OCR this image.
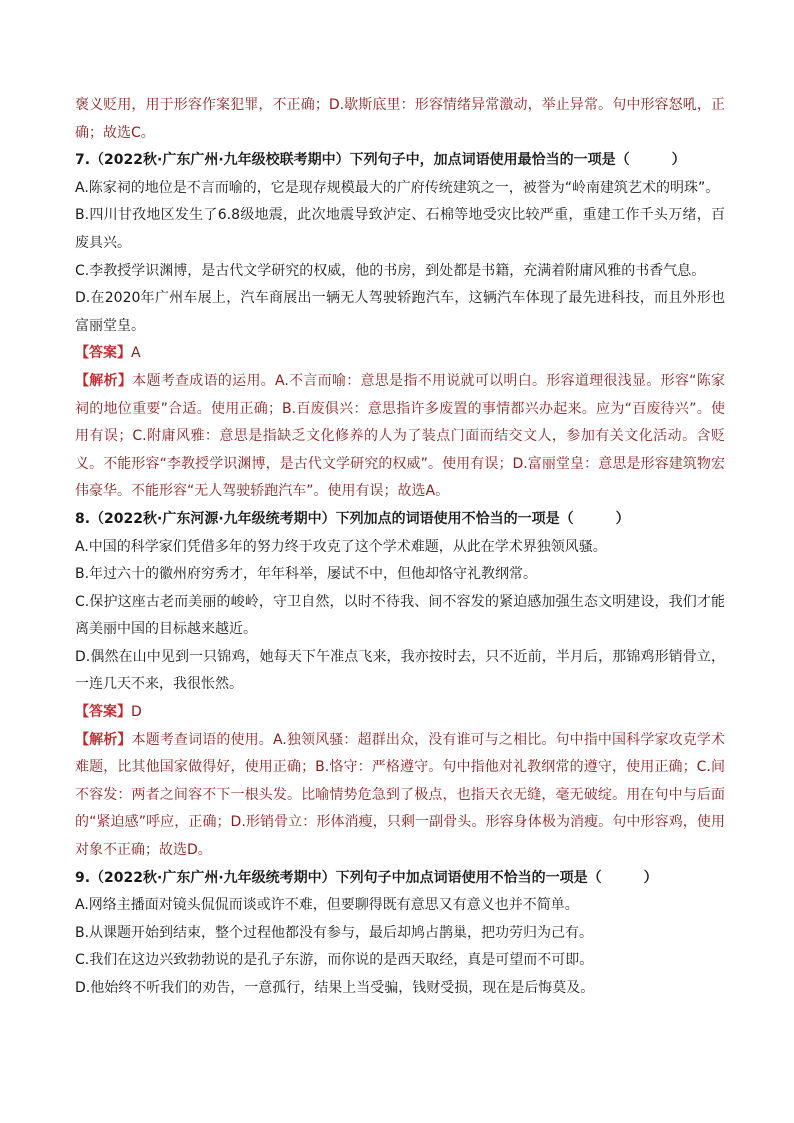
褒义贬用，用于形容作案犯罪，不正确；D.歇斯底里：形容情绪异常激动，举止异常。句中形容怒吼，正确；故选C。

7.（2022秋·广东广州·九年级校联考期中）下列句子中，加点词语使用最恰当的一项是（　　　）

A.陈家祠的地位是不言而喻的，它是现存规模最大的广府传统建筑之一，被誉为“岭南建筑艺术的明珠”。

B.四川甘孜地区发生了6.8级地震，此次地震导致泸定、石棉等地受灾比较严重，重建工作千头万绪，百废具兴。

C.李教授学识渊博，是古代文学研究的权威，他的书房，到处都是书籍，充满着附庸风雅的书香气息。

D.在2020年广州车展上，汽车商展出一辆无人驾驶轿跑汽车，这辆汽车体现了最先进科技，而且外形也富丽堂皇。

【答案】A

【解析】本题考查成语的运用。A.不言而喻：意思是指不用说就可以明白。形容道理很浅显。形容“陈家祠的地位重要”合适。使用正确；B.百废俱兴：意思指许多废置的事情都兴办起来。应为“百废待兴”。使用有误；C.附庸风雅：意思是指缺乏文化修养的人为了装点门面而结交文人，参加有关文化活动。含贬义。不能形容“李教授学识渊博，是古代文学研究的权威”。使用有误；D.富丽堂皇：意思是形容建筑物宏伟豪华。不能形容“无人驾驶轿跑汽车”。使用有误；故选A。

8.（2022秋·广东河源·九年级统考期中）下列加点的词语使用不恰当的一项是（　　　）

A.中国的科学家们凭借多年的努力终于攻克了这个学术难题，从此在学术界独领风骚。

B.年过六十的徽州府穷秀才，年年科举，屡试不中，但他却恪守礼教纲常。

C.保护这座古老而美丽的峻岭，守卫自然，以时不待我、间不容发的紧迫感加强生态文明建设，我们才能离美丽中国的目标越来越近。

D.偶然在山中见到一只锦鸡，她每天下午准点飞来，我亦按时去，只不近前，半月后，那锦鸡形销骨立，一连几天不来，我很怅然。

【答案】D

【解析】本题考查词语的使用。A.独领风骚：超群出众，没有谁可与之相比。句中指中国科学家攻克学术难题，比其他国家做得好，使用正确；B.恪守：严格遵守。句中指他对礼教纲常的遵守，使用正确；C.间不容发：两者之间容不下一根头发。比喻情势危急到了极点，也指天衣无缝，毫无破绽。用在句中与后面的“紧迫感”呼应，正确；D.形销骨立：形体消瘦，只剩一副骨头。形容身体极为消瘦。句中形容鸡，使用对象不正确；故选D。

9.（2022秋·广东广州·九年级统考期中）下列句子中加点词语使用不恰当的一项是（　　　）

A.网络主播面对镜头侃侃而谈或许不难，但要聊得既有意思又有意义也并不简单。

B.从课题开始到结束，整个过程他都没有参与，最后却鸠占鹊巢，把功劳归为己有。

C.我们在这边兴致勃勃说的是孔子东游，而你说的是西天取经，真是可望而不可即。

D.他始终不听我们的劝告，一意孤行，结果上当受骗，钱财受损，现在是后悔莫及。
